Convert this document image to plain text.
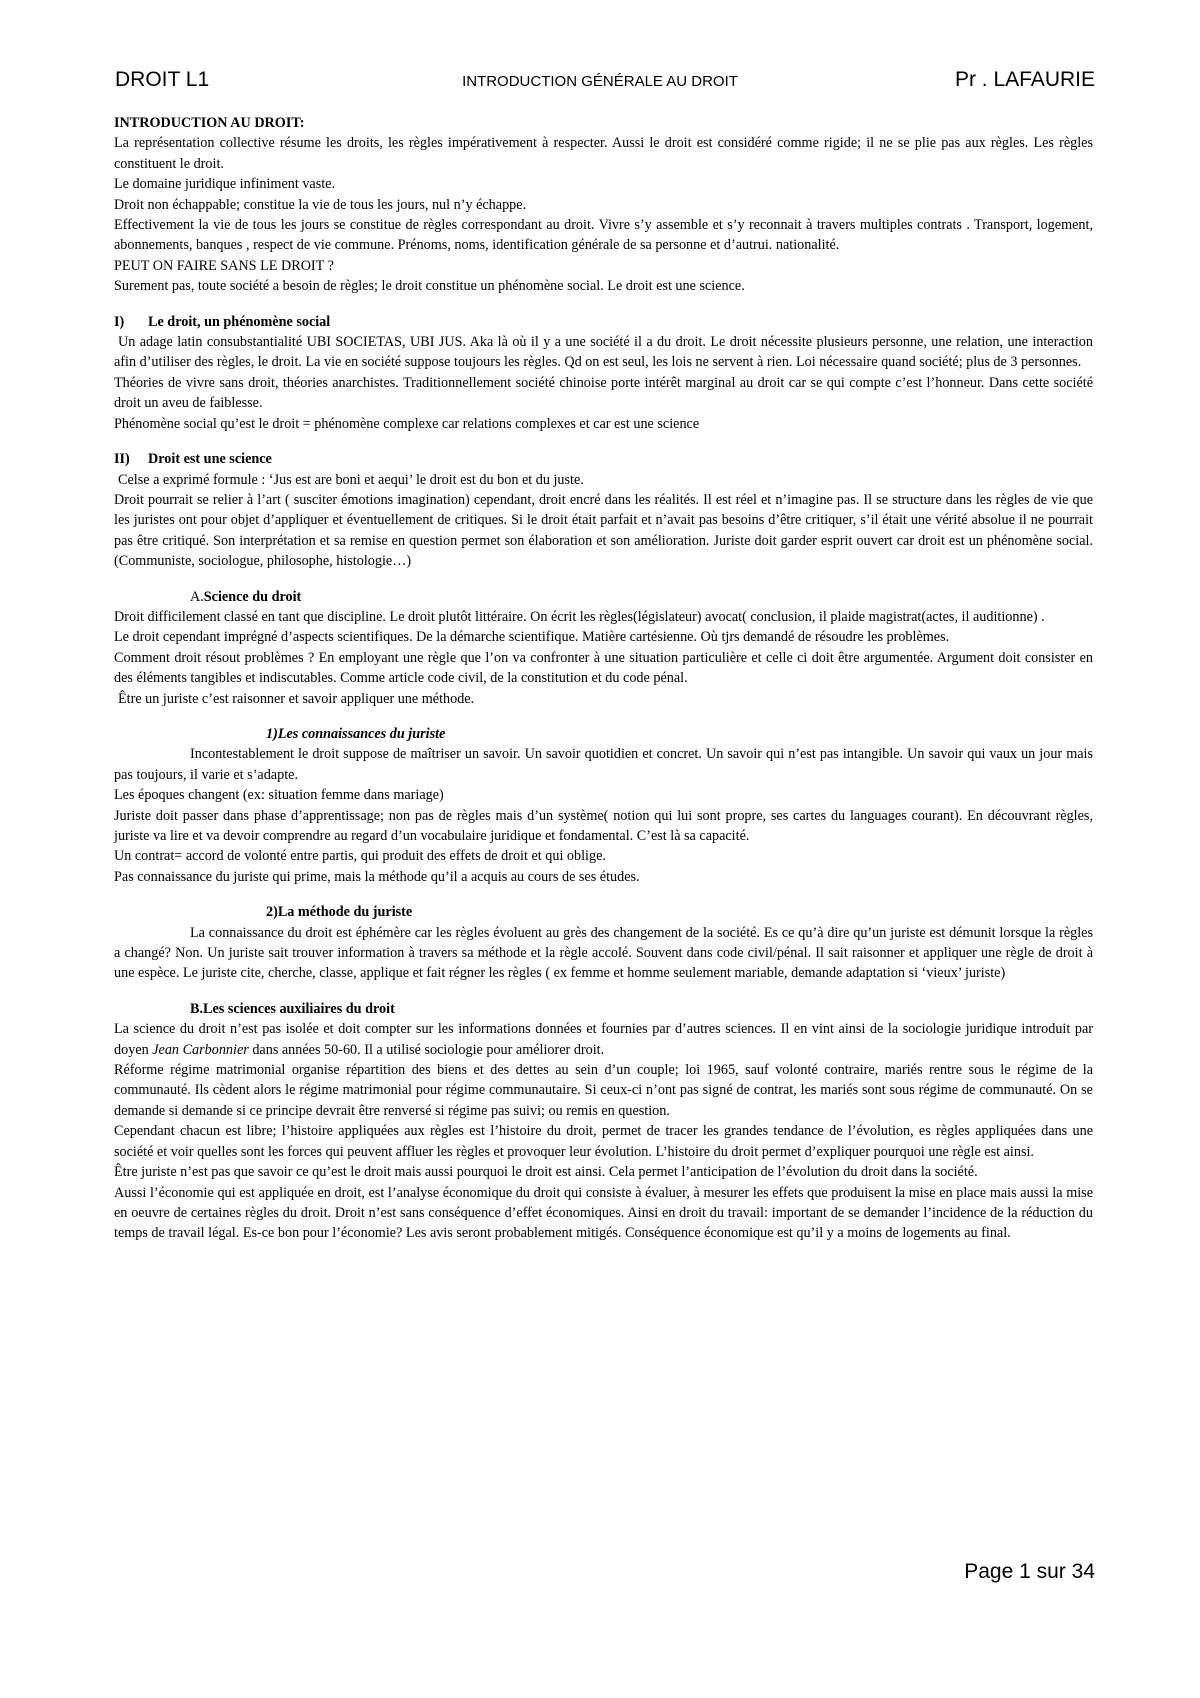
DROIT L1	INTRODUCTION GÉNÉRALE AU DROIT	Pr . LAFAURIE

INTRODUCTION AU DROIT:

La représentation collective résume les droits, les règles impérativement à respecter. Aussi le droit est considéré comme rigide; il ne se plie pas aux règles. Les règles constituent le droit.

Le domaine juridique infiniment vaste.

Droit non échappable; constitue la vie de tous les jours, nul n’y échappe.

Effectivement la vie de tous les jours se constitue de règles correspondant au droit. Vivre s’y assemble et s’y reconnait à travers multiples contrats . Transport, logement, abonnements, banques , respect de vie commune. Prénoms, noms, identification générale de sa personne et d’autrui. nationalité.

PEUT ON FAIRE SANS LE DROIT ?

Surement pas, toute société a besoin de règles; le droit constitue un phénomène social. Le droit est une science.

I) Le droit, un phénomène social

Un adage latin consubstantialité UBI SOCIETAS, UBI JUS. Aka là où il y a une société il a du droit. Le droit nécessite plusieurs personne, une relation, une interaction afin d’utiliser des règles, le droit. La vie en société suppose toujours les règles. Qd on est seul, les lois ne servent à rien. Loi nécessaire quand société; plus de 3 personnes.

Théories de vivre sans droit, théories anarchistes. Traditionnellement société chinoise porte intérêt marginal au droit car se qui compte c’est l’honneur. Dans cette société droit un aveu de faiblesse.

Phénomène social qu’est le droit = phénomène complexe car relations complexes et car est une science

II) Droit est une science

Celse a exprimé formule : ‘Jus est are boni et aequi’ le droit est du bon et du juste.

Droit pourrait se relier à l’art ( susciter émotions imagination) cependant, droit encré dans les réalités. Il est réel et n’imagine pas. Il se structure dans les règles de vie que les juristes ont pour objet d’appliquer et éventuellement de critiques. Si le droit était parfait et n’avait pas besoins d’être critiquer, s’il était une vérité absolue il ne pourrait pas être critiqué. Son interprétation et sa remise en question permet son élaboration et son amélioration. Juriste doit garder esprit ouvert car droit est un phénomène social. (Communiste, sociologue, philosophe, histologie…)

A.Science du droit

Droit difficilement classé en tant que discipline. Le droit plutôt littéraire. On écrit les règles(législateur) avocat( conclusion, il plaide magistrat(actes, il auditionne) .

Le droit cependant imprégné d’aspects scientifiques. De la démarche scientifique. Matière cartésienne. Où tjrs demandé de résoudre les problèmes.

Comment droit résout problèmes ? En employant une règle que l’on va confronter à une situation particulière et celle ci doit être argumentée. Argument doit consister en des éléments tangibles et indiscutables. Comme article code civil, de la constitution et du code pénal.

Être un juriste c’est raisonner et savoir appliquer une méthode.

1)Les connaissances du juriste

Incontestablement le droit suppose de maîtriser un savoir. Un savoir quotidien et concret. Un savoir qui n’est pas intangible. Un savoir qui vaux un jour mais pas toujours, il varie et s’adapte.

Les époques changent (ex: situation femme dans mariage)

Juriste doit passer dans phase d’apprentissage; non pas de règles mais d’un système( notion qui lui sont propre, ses cartes du languages courant). En découvrant règles, juriste va lire et va devoir comprendre au regard d’un vocabulaire juridique et fondamental. C’est là sa capacité.

Un contrat= accord de volonté entre partis, qui produit des effets de droit et qui oblige.

Pas connaissance du juriste qui prime, mais la méthode qu’il a acquis au cours de ses études.

2)La méthode du juriste

La connaissance du droit est éphémère car les règles évoluent au grès des changement de la société. Es ce qu’à dire qu’un juriste est démunit lorsque la règles a changé? Non. Un juriste sait trouver information à travers sa méthode et la règle accolé. Souvent dans code civil/pénal. Il sait raisonner et appliquer une règle de droit à une espèce. Le juriste cite, cherche, classe, applique et fait régner les règles ( ex femme et homme seulement mariable, demande adaptation si ‘vieux’ juriste)

B.Les sciences auxiliaires du droit

La science du droit n’est pas isolée et doit compter sur les informations données et fournies par d’autres sciences. Il en vint ainsi de la sociologie juridique introduit par doyen Jean Carbonnier dans années 50-60. Il a utilisé sociologie pour améliorer droit.

Réforme régime matrimonial organise répartition des biens et des dettes au sein d’un couple; loi 1965, sauf volonté contraire, mariés rentre sous le régime de la communauté. Ils cèdent alors le régime matrimonial pour régime communautaire. Si ceux-ci n’ont pas signé de contrat, les mariés sont sous régime de communauté. On se demande si demande si ce principe devrait être renversé si régime pas suivi; ou remis en question.

Cependant chacun est libre; l’histoire appliquées aux règles est l’histoire du droit, permet de tracer les grandes tendance de l’évolution, es règles appliquées dans une société et voir quelles sont les forces qui peuvent affluer les règles et provoquer leur évolution. L’histoire du droit permet d’expliquer pourquoi une règle est ainsi.

Être juriste n’est pas que savoir ce qu’est le droit mais aussi pourquoi le droit est ainsi. Cela permet l’anticipation de l’évolution du droit dans la société.

Aussi l’économie qui est appliquée en droit, est l’analyse économique du droit qui consiste à évaluer, à mesurer les effets que produisent la mise en place mais aussi la mise en oeuvre de certaines règles du droit. Droit n’est sans conséquence d’effet économiques. Ainsi en droit du travail: important de se demander l’incidence de la réduction du temps de travail légal. Es-ce bon pour l’économie? Les avis seront probablement mitigés. Conséquence économique est qu’il y a moins de logements au final.

Page 1 sur 34
